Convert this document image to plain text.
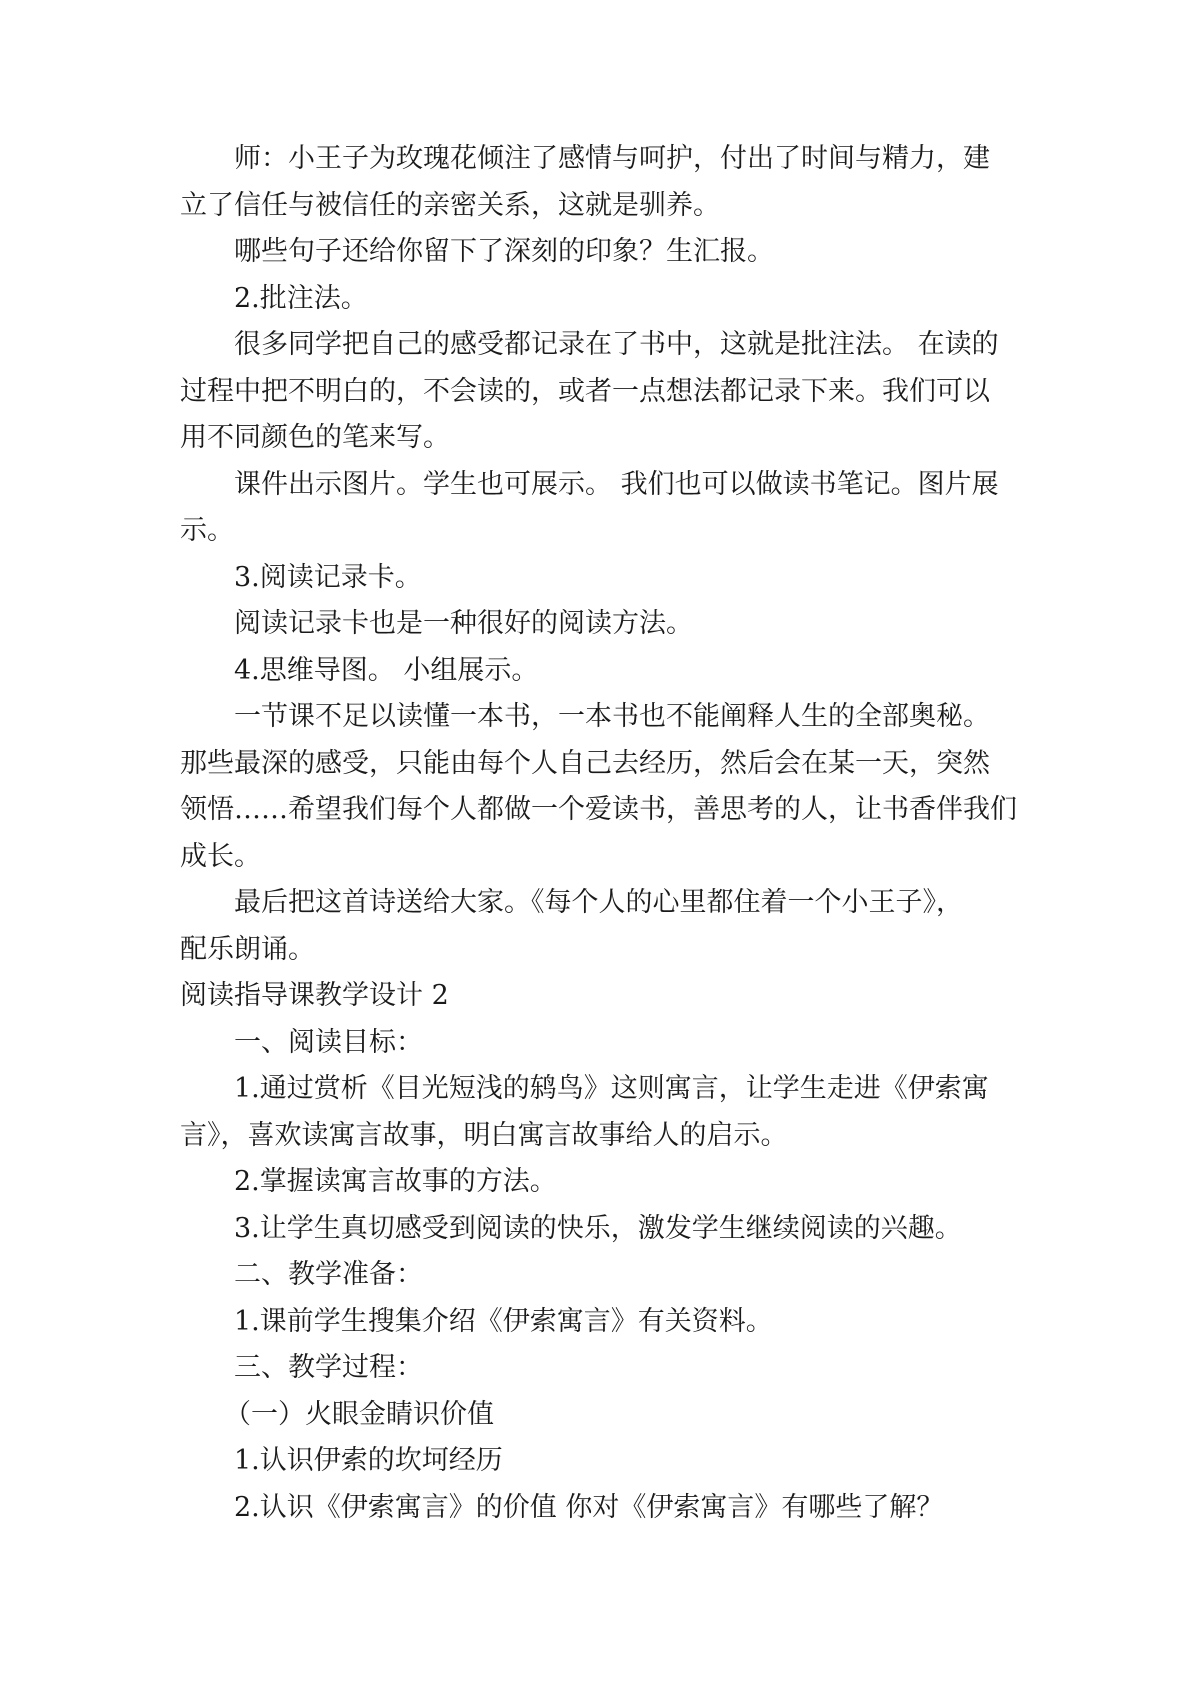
师：小王子为玫瑰花倾注了感情与呵护，付出了时间与精力，建

立了信任与被信任的亲密关系，这就是驯养。

哪些句子还给你留下了深刻的印象？生汇报。

2.批注法。

很多同学把自己的感受都记录在了书中，这就是批注法。 在读的

过程中把不明白的，不会读的，或者一点想法都记录下来。我们可以

用不同颜色的笔来写。

课件出示图片。学生也可展示。 我们也可以做读书笔记。图片展

示。

3.阅读记录卡。

阅读记录卡也是一种很好的阅读方法。

4.思维导图。 小组展示。

一节课不足以读懂一本书，一本书也不能阐释人生的全部奥秘。

那些最深的感受，只能由每个人自己去经历，然后会在某一天，突然

领悟……希望我们每个人都做一个爱读书，善思考的人，让书香伴我们

成长。

最后把这首诗送给大家。《每个人的心里都住着一个小王子》，

配乐朗诵。

阅读指导课教学设计 2

一、阅读目标：

1.通过赏析《目光短浅的鸫鸟》这则寓言，让学生走进《伊索寓

言》，喜欢读寓言故事，明白寓言故事给人的启示。

2.掌握读寓言故事的方法。

3.让学生真切感受到阅读的快乐，激发学生继续阅读的兴趣。

二、教学准备：

1.课前学生搜集介绍《伊索寓言》有关资料。

三、教学过程：

（一）火眼金睛识价值

1.认识伊索的坎坷经历

2.认识《伊索寓言》的价值 你对《伊索寓言》有哪些了解？
